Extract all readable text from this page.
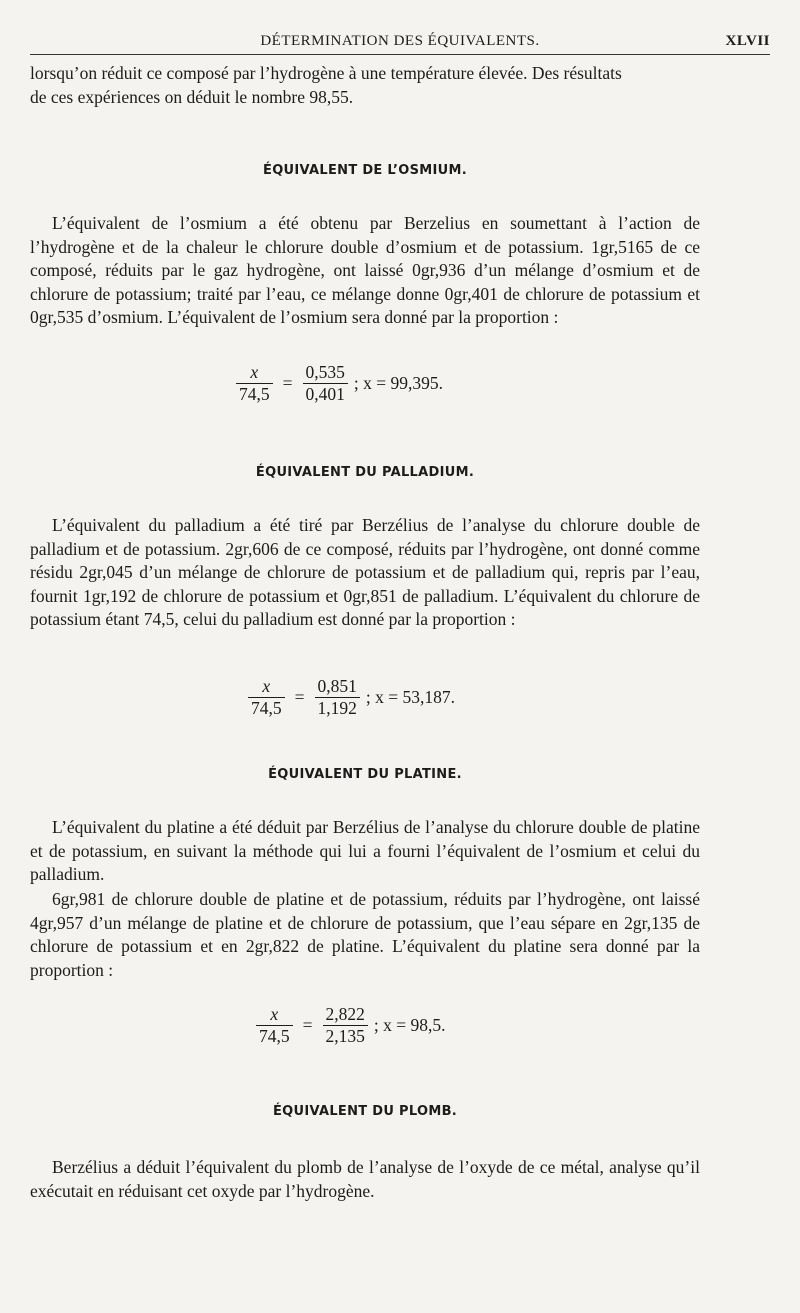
DÉTERMINATION DES ÉQUIVALENTS.	XLVII
lorsqu’on réduit ce composé par l’hydrogène à une température élevée. Des résultats
de ces expériences on déduit le nombre 98,55.
ÉQUIVALENT DE L’OSMIUM.
L’équivalent de l’osmium a été obtenu par Berzelius en soumettant à l’action de l’hydrogène et de la chaleur le chlorure double d’osmium et de potassium. 1gr,5165 de ce composé, réduits par le gaz hydrogène, ont laissé 0gr,936 d’un mélange d’osmium et de chlorure de potassium; traité par l’eau, ce mélange donne 0gr,401 de chlorure de potassium et 0gr,535 d’osmium. L’équivalent de l’osmium sera donné par la proportion :
$\frac{x}{74,5} = \frac{0,535}{0,401}$ ; x = 99,395.
ÉQUIVALENT DU PALLADIUM.
L’équivalent du palladium a été tiré par Berzélius de l’analyse du chlorure double de palladium et de potassium. 2gr,606 de ce composé, réduits par l’hydrogène, ont donné comme résidu 2gr,045 d’un mélange de chlorure de potassium et de palladium qui, repris par l’eau, fournit 1gr,192 de chlorure de potassium et 0gr,851 de palladium. L’équivalent du chlorure de potassium étant 74,5, celui du palladium est donné par la proportion :
$\frac{x}{74,5} = \frac{0,851}{1,192}$ ; x = 53,187.
ÉQUIVALENT DU PLATINE.
L’équivalent du platine a été déduit par Berzélius de l’analyse du chlorure double de platine et de potassium, en suivant la méthode qui lui a fourni l’équivalent de l’osmium et celui du palladium.
6gr,981 de chlorure double de platine et de potassium, réduits par l’hydrogène, ont laissé 4gr,957 d’un mélange de platine et de chlorure de potassium, que l’eau sépare en 2gr,135 de chlorure de potassium et en 2gr,822 de platine. L’équivalent du platine sera donné par la proportion :
$\frac{x}{74,5} = \frac{2,822}{2,135}$ ; x = 98,5.
ÉQUIVALENT DU PLOMB.
Berzélius a déduit l’équivalent du plomb de l’analyse de l’oxyde de ce métal, analyse qu’il exécutait en réduisant cet oxyde par l’hydrogène.
